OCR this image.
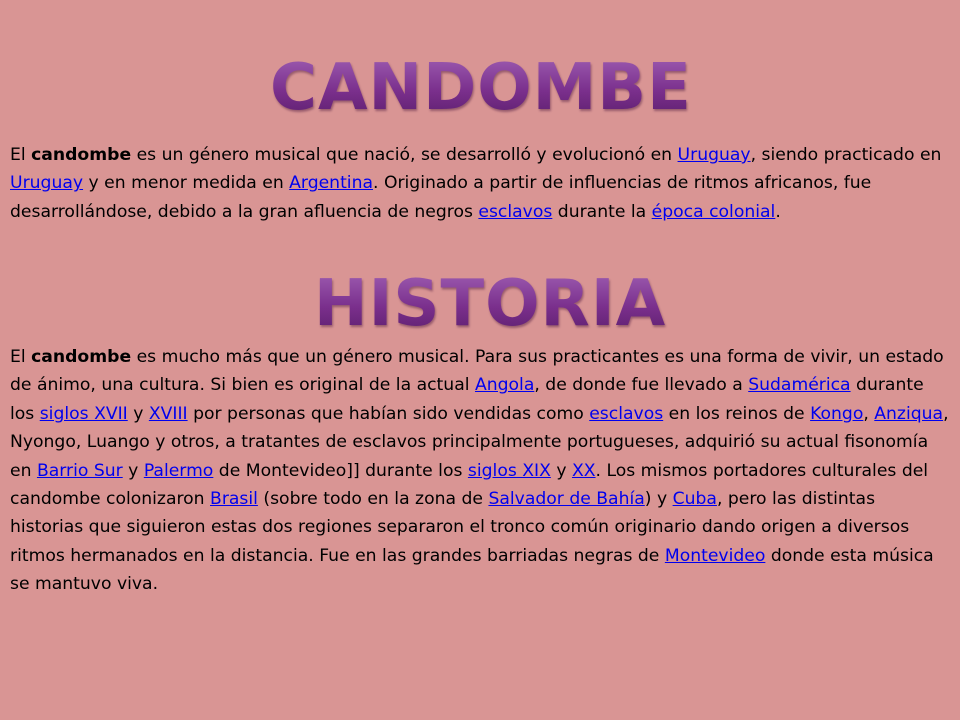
CANDOMBE

El candombe es un género musical que nació, se desarrolló y evolucionó en Uruguay, siendo practicado en Uruguay y en menor medida en Argentina. Originado a partir de influencias de ritmos africanos, fue desarrollándose, debido a la gran afluencia de negros esclavos durante la época colonial.

HISTORIA

El candombe es mucho más que un género musical. Para sus practicantes es una forma de vivir, un estado de ánimo, una cultura. Si bien es original de la actual Angola, de donde fue llevado a Sudamérica durante los siglos XVII y XVIII por personas que habían sido vendidas como esclavos en los reinos de Kongo, Anziqua, Nyongo, Luango y otros, a tratantes de esclavos principalmente portugueses, adquirió su actual fisonomía en Barrio Sur y Palermo de Montevideo]] durante los siglos XIX y XX. Los mismos portadores culturales del candombe colonizaron Brasil (sobre todo en la zona de Salvador de Bahía) y Cuba, pero las distintas historias que siguieron estas dos regiones separaron el tronco común originario dando origen a diversos ritmos hermanados en la distancia. Fue en las grandes barriadas negras de Montevideo donde esta música se mantuvo viva.
